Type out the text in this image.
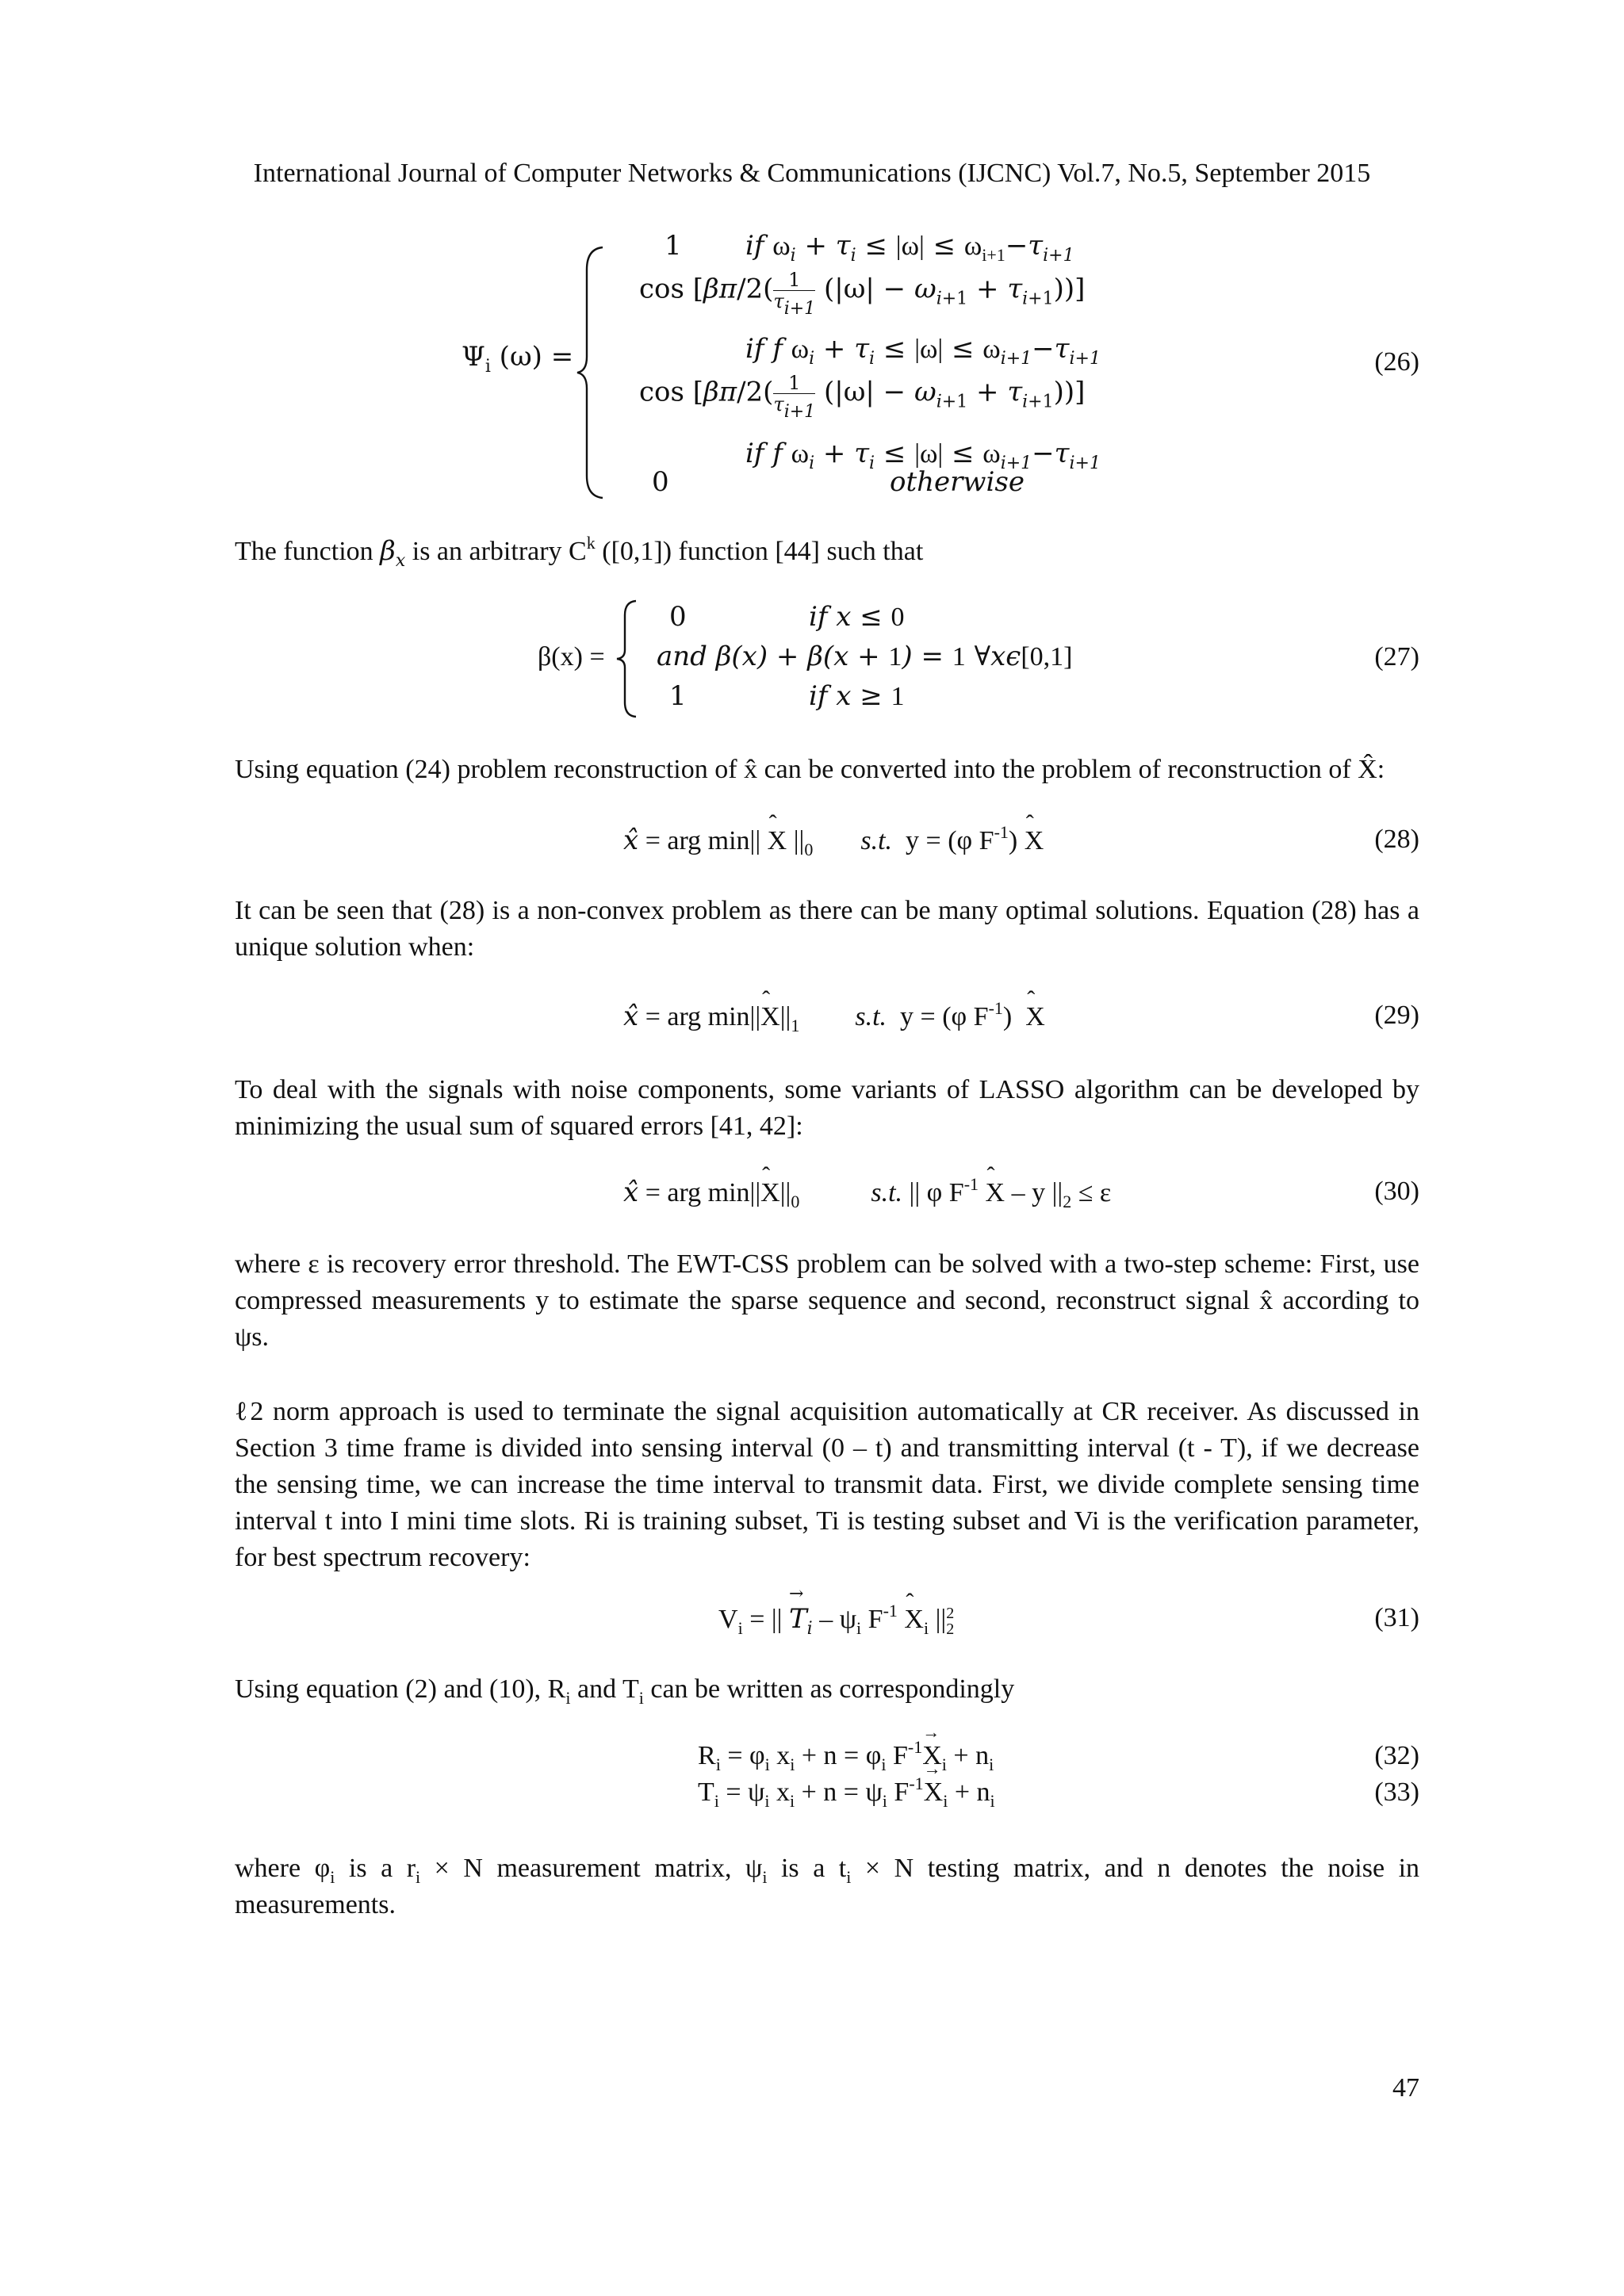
International Journal of Computer Networks & Communications (IJCNC) Vol.7, No.5, September 2015
$\Psi_i$ (ω) =
1 if $\omega_i + \tau_i \le |\omega| \le \omega_{i+1}-\tau_{i+1}$
$\cos [\beta\pi/2( \frac{1}{\tau_{i+1}} (|\omega| - \omega_{i+1} + \tau_{i+1}))]$
if f $\omega_i + \tau_i \le |\omega| \le \omega_{i+1}-\tau_{i+1}$
$\cos [\beta\pi/2( \frac{1}{\tau_{i+1}} (|\omega| - \omega_{i+1} + \tau_{i+1}))]$
if f $\omega_i + \tau_i \le |\omega| \le \omega_{i+1}-\tau_{i+1}$
0	otherwise
(26)

The function $\beta_x$ is an arbitrary $C^k$ ([0,1]) function [44] such that

β(x) =
0	if x ≤ 0
and β(x) + β(x + 1) = 1 ∀xϵ[0,1]
1	if x ≥ 1
(27)
Using equation (24) problem reconstruction of x̂ can be converted into the problem of reconstruction of X̂:
x̂ = arg min|| ˆ X $||_0$ s.t.  y = (φ $F^{-1}$) ˆ X	(28)
It can be seen that (28) is a non-convex problem as there can be many optimal solutions. Equation (28) has a unique solution when:
x̂ = arg min||ˆ $X||_1$ s.t.  y = (φ $F^{-1}$)  ˆ X	(29)
To deal with the signals with noise components, some variants of LASSO algorithm can be developed by minimizing the usual sum of squared errors [41, 42]:
x̂ = arg min||ˆ $X||_0$	s.t. || φ $F^{-1}$ ˆ X – y $||_2 \le \varepsilon$	(30)
where ε is recovery error threshold. The EWT-CSS problem can be solved with a two-step scheme: First, use compressed measurements y to estimate the sparse sequence and second, reconstruct signal x̂ according to ψs.
ℓ2 norm approach is used to terminate the signal acquisition automatically at CR receiver. As discussed in Section 3 time frame is divided into sensing interval (0 – t) and transmitting interval (t - T), if we decrease the sensing time, we can increase the time interval to transmit data. First, we divide complete sensing time interval t into I mini time slots. Ri is training subset, Ti is testing subset and Vi is the verification parameter, for best spectrum recovery:
$V_i$ = || → $T_i - \psi_i$ $F^{-1}$ ˆ $X_i$ || 2
2	(31)

Using equation (2) and (10), $R_i$ and $T_i$ can be written as correspondingly

$R_i = \varphi_i$ $x_i + n = \varphi_i$ $F^{-1}\to X_i + n_i$	(32)
$T_i = \psi_i$ $x_i + n = \psi_i$ $F^{-1}\to X_i + n_i$	(33)

where $\varphi_i$ is a $r_i \times N$ measurement matrix, $\psi_i$ is a $t_i \times N$ testing matrix, and n denotes the noise in measurements.

47
